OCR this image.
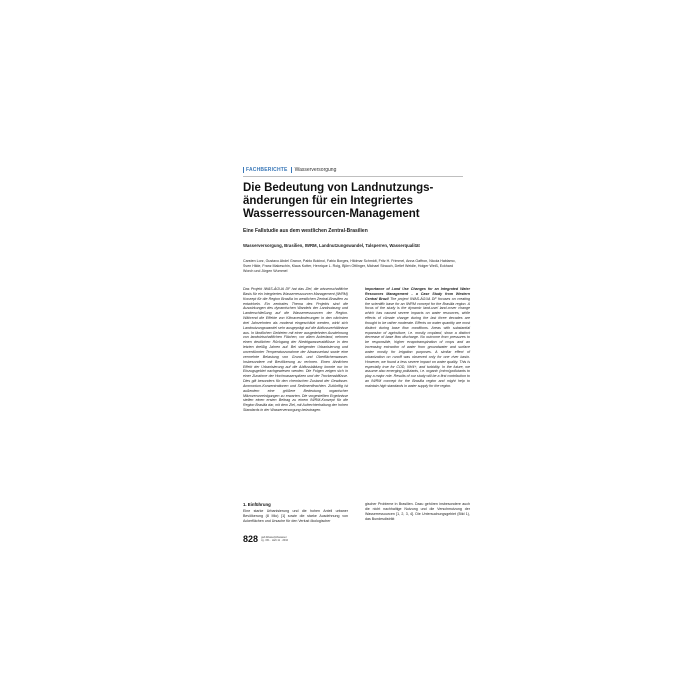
FACHBERICHTE Wasserversorgung
Die Bedeutung von Landnutzungs-änderungen für ein Integriertes Wasserressourcen-Management
Eine Fallstudie aus dem westlichen Zentral-Brasilien
Wasserversorgung, Brasilien, IWRM, Landnutzungswandel, Talsperren, Wasserqualität
Carsten Lorz, Gustavo Abdel Granor, Pablo Bokinoi, Fabio Borges, Hildmar Schmidt, Fritz H. Frimmel, Anna Gaffron, Nicola Hablamo, Sven Hilde, Franz Makeschin, Klaus Kotter, Henrique L. Roig, Björn Ottlinger, Michael Strauch, Detlef Weidle, Holger Weiß, Eckhard Worch und Jürgen Wummel
Das Projekt IWAS-ÁGUA DF hat das Ziel, die wissenschaftliche Basis für ein Integriertes Wasserressourcen Management (IWRM) Konzept für die Region Brasilia im westlichen Zentral-Brasilien zu entwickeln. Ein zentrales Thema des Projekts sind die Auswirkungen des dynamischen Wandels der Landnutzung und Landerschließung auf die Wasserressourcen der Region. Während die Effekte von Klimaveränderungen in den nächsten drei Jahrzehnten als moderat eingeschätzt werden, wirkt sich Landnutzungswandel sehr ausgeprägt auf die Abflussverhältnisse aus. In ländlichen Gebieten mit einer ausgedehnten Ausdehnung von landwirtschaftlichen Flächen, vor allem Ackerland, nehmen einen deutlichen Rückgang der Niedrigwasserabflüsse in den letzten dreißig Jahren auf. Bei steigender Urbanisierung und unverdünnter Temperaturzunahme der Abwasserlast sowie eine vermehrte Belastung von Grund- und Oberflächenwasser. Insbesondere mit Bevölkerung zu rechnen. Einen ähnlichen Effekt der Urbanisierung auf die Abflussbildung konnte nur im Einzugsgebiet nachgewiesen werden. Die Folgen zeigen sich in einer Zunahme der Hochwasserspitzen und der Trockenabflüsse. Dies gilt besonders für den chemischen Zustand der Gewässer. Ammonium-Konzentrationen und Sedimentfrachten. Zukünftig ist außerdem eine größere Bedeutung organischer Mikroverunreinigungen zu erwarten. Die vorgestellten Ergebnisse stellen einen ersten Beitrag zu einem IWRM-Konzept für die Region Brasilia dar, mit dem Ziel, mit Aufrechterhaltung der hohen Standards in der Wasserversorgung beizutragen.
Importance of Land Use Changes for an Integrated Water Resources Management – a Case Study from Western Central Brazil The project IWAS-ÁGUA DF focuses on creating the scientific base for an IWRM concept for the Brasilia region. A focus of the study is the dynamic land-use/ land-cover change which has caused severe impacts on water resources, while effects of climate change during the last three decades are thought to be rather moderate. Effects on water quantity are most distinct during base flow conditions. Areas with substantial expansion of agriculture, i.e. mostly cropland, show a distinct decrease of base flow discharge. No outcome from pressures to be responsible, higher evapotranspiration of crops and an increasing extraction of water from groundwater and surface water mostly for irrigation purposes. A similar effect of urbanization on runoff was observed only for one river basin. However, we found a less severe impact on water quality. This is especially true for COD, NH4+, and turbidity. In the future, we assume also emerging pollutants, i.e. organic (micro)pollutants to play a major role. Results of our study will be a first contribution to an IWRM concept for the Brasilia region and might help to maintain high standards in water supply for the region.
1. Einführung
Eine starke Urbanisierung und die hohen Anteil urbaner Bevölkerung (8 Mio) [1] sowie die starke Ausdehnung von Ackerflächen und Ursache für den Verlust ökologischer
gischer Probleme in Brasilien. Dazu gehören insbesondere auch die nicht nachhaltige Nutzung und die Verschmutzung der Wasserressourcen [1, 2, 3, 4]. Die Untersuchungsgebiet (Bild 1), das Bundesdistrikt
828 gwf-Wasser|Abwasser
Jg. 151 · Heft 11 · 2010
